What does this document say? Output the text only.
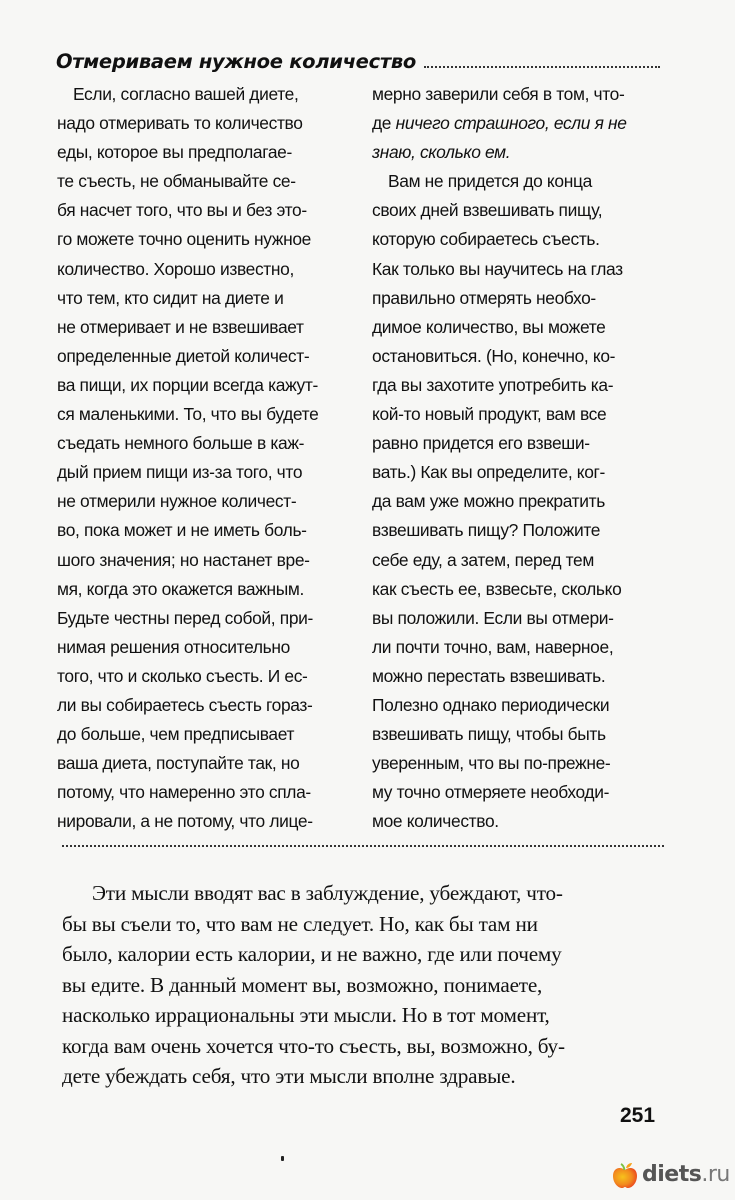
Отмериваем нужное количество
Если, согласно вашей диете,
надо отмеривать то количество
еды, которое вы предполагае-
те съесть, не обманывайте се-
бя насчет того, что вы и без это-
го можете точно оценить нужное
количество. Хорошо известно,
что тем, кто сидит на диете и
не отмеривает и не взвешивает
определенные диетой количест-
ва пищи, их порции всегда кажут-
ся маленькими. То, что вы будете
съедать немного больше в каж-
дый прием пищи из-за того, что
не отмерили нужное количест-
во, пока может и не иметь боль-
шого значения; но настанет вре-
мя, когда это окажется важным.
Будьте честны перед собой, при-
нимая решения относительно
того, что и сколько съесть. И ес-
ли вы собираетесь съесть гораз-
до больше, чем предписывает
ваша диета, поступайте так, но
потому, что намеренно это спла-
нировали, а не потому, что лице-
мерно заверили себя в том, что-
де ничего страшного, если я не
знаю, сколько ем.
Вам не придется до конца
своих дней взвешивать пищу,
которую собираетесь съесть.
Как только вы научитесь на глаз
правильно отмерять необхо-
димое количество, вы можете
остановиться. (Но, конечно, ко-
гда вы захотите употребить ка-
кой-то новый продукт, вам все
равно придется его взвеши-
вать.) Как вы определите, ког-
да вам уже можно прекратить
взвешивать пищу? Положите
себе еду, а затем, перед тем
как съесть ее, взвесьте, сколько
вы положили. Если вы отмери-
ли почти точно, вам, наверное,
можно перестать взвешивать.
Полезно однако периодически
взвешивать пищу, чтобы быть
уверенным, что вы по-прежне-
му точно отмеряете необходи-
мое количество.
Эти мысли вводят вас в заблуждение, убеждают, что-
бы вы съели то, что вам не следует. Но, как бы там ни
было, калории есть калории, и не важно, где или почему
вы едите. В данный момент вы, возможно, понимаете,
насколько иррациональны эти мысли. Но в тот момент,
когда вам очень хочется что-то съесть, вы, возможно, бу-
дете убеждать себя, что эти мысли вполне здравые.
251
diets.ru
